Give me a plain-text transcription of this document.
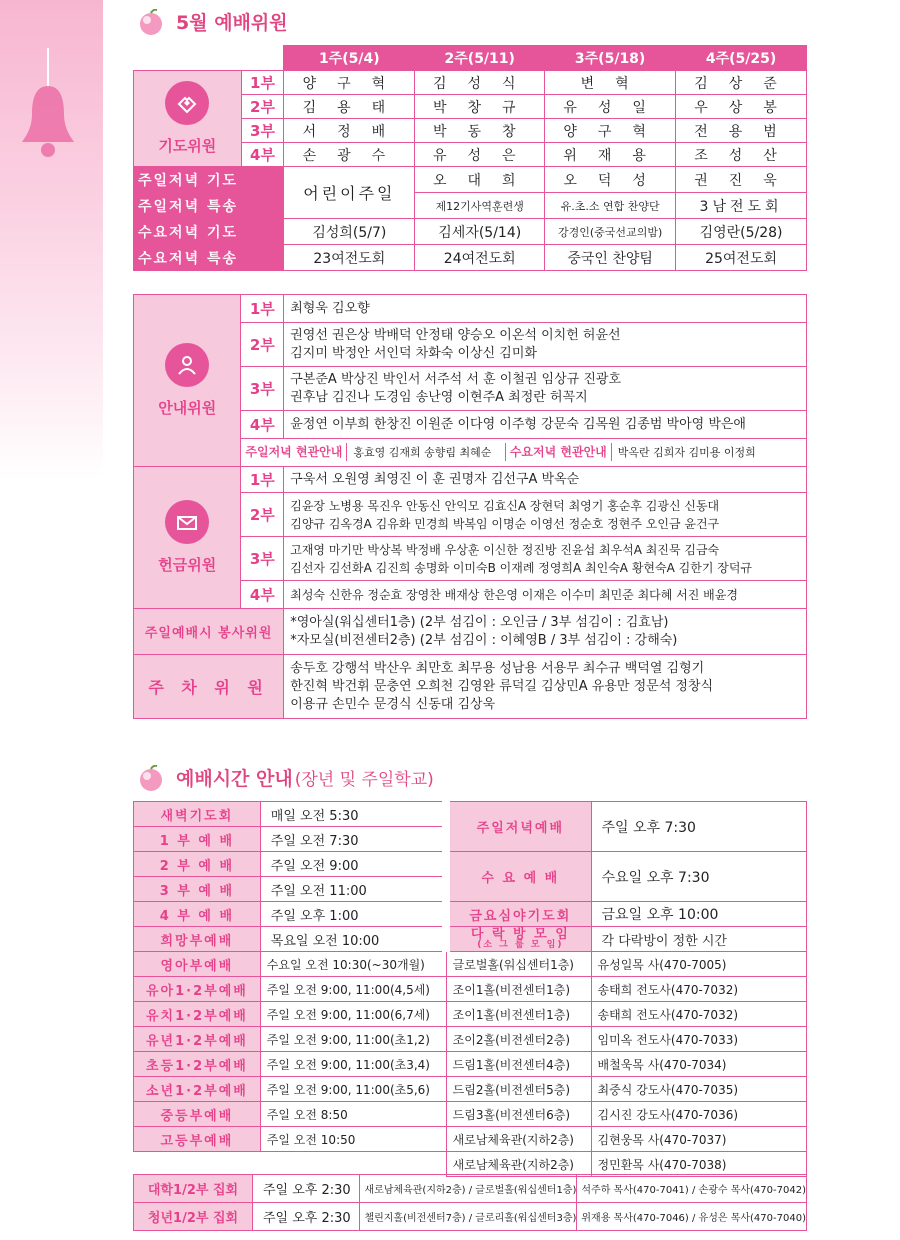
5월 예배위원
		1주(5/4)	2주(5/11)	3주(5/18)	4주(5/25)

기도위원	1부	양구혁	김성식	변혁	김상준
	2부	김용태	박창규	유성일	우상봉
	3부	서정배	박동창	양구혁	전용범
	4부	손광수	유성은	위재용	조성산
주일저녁 기도		어린이주일	오대희	오덕성	권진욱
주일저녁 특송			제12기사역훈련생	유.초.소 연합 찬양단	3남전도회
수요저녁 기도		김성희(5/7)	김세자(5/14)	강경인(중국선교의밤)	김영란(5/28)
수요저녁 특송		23여전도회	24여전도회	중국인 찬양팀	25여전도회
안내위원	1부	최형욱 김오향
	2부	권영선 권은상 박배덕 안정태 양승오 이온석 이치헌 허윤선
김지미 박정안 서인덕 차화숙 이상신 김미화

	3부	구본준A 박상진 박인서 서주석 서 훈 이철권 임상규 진광호
권후남 김진나 도경임 송난영 이현주A 최정란 허꼭지

	4부	윤정연 이부희 한창진 이원준 이다영 이주형 강문숙 김목원 김종범 박아영 박은애
	주일저녁 현관안내 홍효영 김재희 송향림 최혜순 수요저녁 현관안내 박옥란 김희자 김미용 이정희	

헌금위원	1부	구욱서 오원영 최영진 이 훈 권명자 김선구A 박옥순
	2부	김윤장 노병용 목진우 안동신 안익모 김효신A 장현덕 최영기 홍순후 김광신 신동대
김양규 김옥경A 김유화 민경희 박복임 이명순 이영선 정순호 정현주 오인금 윤건구

	3부	고재영 마기만 박상복 박정배 우상훈 이신한 정진방 진윤섭 최우석A 최진묵 김금숙
김선자 김선화A 김진희 송명화 이미숙B 이재례 정영희A 최인숙A 황현숙A 김한기 장덕규

	4부	최성숙 신한유 정순효 장영찬 배재상 한은영 이재은 이수미 최민준 최다혜 서진 배윤경
주일예배시 봉사위원		*영아실(워십센터1층) (2부 섬김이 : 오인금 / 3부 섬김이 : 김효남)
*자모실(비전센터2층) (2부 섬김이 : 이혜영B / 3부 섬김이 : 강해숙)

주 차 위 원		송두호 강행석 박산우 최만호 최무용 성남용 서용무 최수규 백덕열 김형기
한진혁 박건휘 문충연 오희천 김영완 류덕길 김상민A 유용만 정문석 정창식
이용규 손민수 문경식 신동대 김상욱
예배시간 안내 (장년 및 주일학교)
새벽기도회	매일 오전 5:30	주일저녁예배	주일 오후 7:30
1 부 예 배	주일 오전 7:30		
2 부 예 배	주일 오전 9:00	수 요 예 배	수요일 오후 7:30
3 부 예 배	주일 오전 11:00		
4 부 예 배	주일 오후 1:00	금요심야기도회	금요일 오후 10:00
희망부예배	목요일 오전 10:00	다 락 방 모 임
(소 그 룹 모 임)	각 다락방이 정한 시간
영아부예배	수요일 오전 10:30(~30개월)	글로벌홀(워십센터1층)	유성일목 사(470-7005)
유아1·2부예배	주일 오전 9:00, 11:00(4,5세)	조이1홀(비전센터1층)	송태희 전도사(470-7032)
유치1·2부예배	주일 오전 9:00, 11:00(6,7세)	조이1홀(비전센터1층)	송태희 전도사(470-7032)
유년1·2부예배	주일 오전 9:00, 11:00(초1,2)	조이2홀(비전센터2층)	임미옥 전도사(470-7033)
초등1·2부예배	주일 오전 9:00, 11:00(초3,4)	드림1홀(비전센터4층)	배철욱목 사(470-7034)
소년1·2부예배	주일 오전 9:00, 11:00(초5,6)	드림2홀(비전센터5층)	최중식 강도사(470-7035)
중등부예배	주일 오전 8:50	드림3홀(비전센터6층)	김시진 강도사(470-7036)
고등부예배	주일 오전 10:50	새로남체육관(지하2층)	김현웅목 사(470-7037)
		새로남체육관(지하2층)	정민환목 사(470-7038)
대학1/2부 집회	주일 오후 2:30	새로남체육관(지하2층) / 글로벌홀(워십센터1층)	석주하 목사(470-7041) / 손광수 목사(470-7042)
청년1/2부 집회	주일 오후 2:30	챌린지홀(비전센터7층) / 글로리홀(워십센터3층)	위재용 목사(470-7046) / 유성은 목사(470-7040)
